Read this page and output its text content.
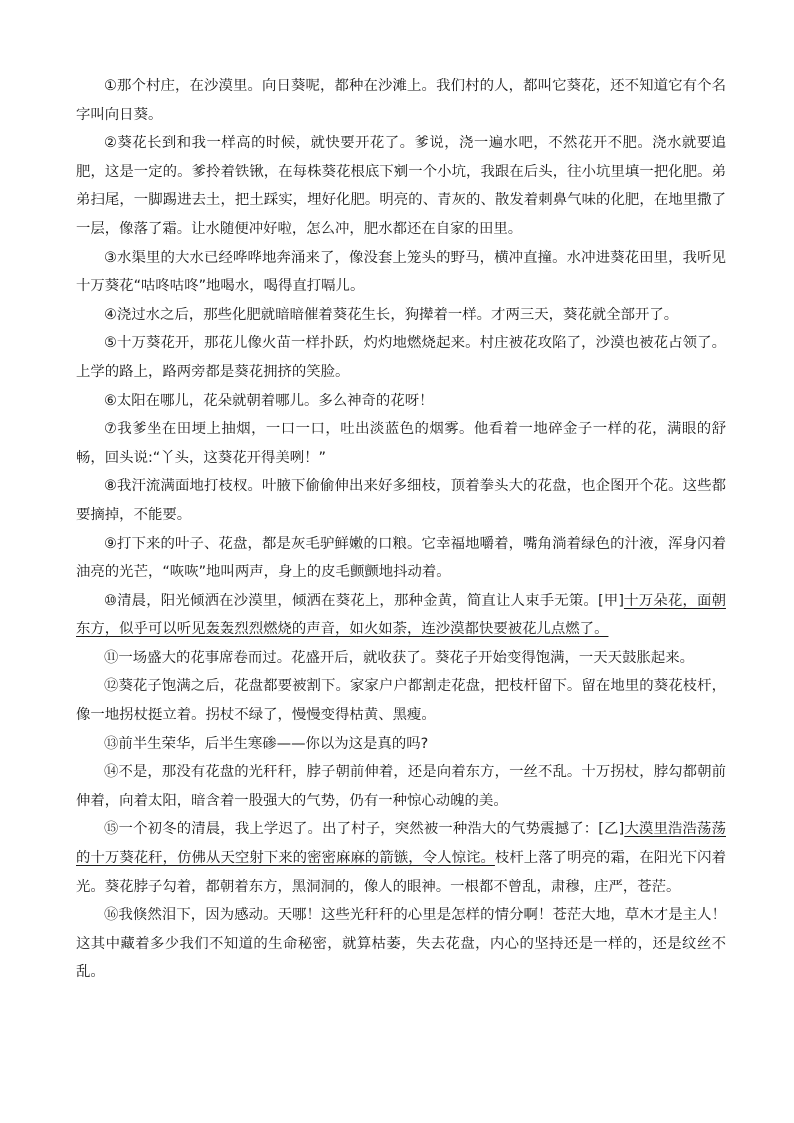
①那个村庄，在沙漠里。向日葵呢，都种在沙滩上。我们村的人，都叫它葵花，还不知道它有个名字叫向日葵。

②葵花长到和我一样高的时候，就快要开花了。爹说，浇一遍水吧，不然花开不肥。浇水就要追肥，这是一定的。爹拎着铁锹，在每株葵花根底下剜一个小坑，我跟在后头，往小坑里填一把化肥。弟弟扫尾，一脚踢进去土，把土踩实，埋好化肥。明亮的、青灰的、散发着刺鼻气味的化肥，在地里撒了一层，像落了霜。让水随便冲好啦，怎么冲，肥水都还在自家的田里。

③水渠里的大水已经哗哗地奔涌来了，像没套上笼头的野马，横冲直撞。水冲进葵花田里，我听见十万葵花“咕咚咕咚”地喝水，喝得直打嗝儿。

④浇过水之后，那些化肥就暗暗催着葵花生长，狗撵着一样。才两三天，葵花就全部开了。

⑤十万葵花开，那花儿像火苗一样扑跃，灼灼地燃烧起来。村庄被花攻陷了，沙漠也被花占领了。上学的路上，路两旁都是葵花拥挤的笑脸。

⑥太阳在哪儿，花朵就朝着哪儿。多么神奇的花呀！

⑦我爹坐在田埂上抽烟，一口一口，吐出淡蓝色的烟雾。他看着一地碎金子一样的花，满眼的舒畅，回头说:“丫头，这葵花开得美咧！”

⑧我汗流满面地打枝杈。叶腋下偷偷伸出来好多细枝，顶着拳头大的花盘，也企图开个花。这些都要摘掉，不能要。

⑨打下来的叶子、花盘，都是灰毛驴鲜嫩的口粮。它幸福地嚼着，嘴角淌着绿色的汁液，浑身闪着油亮的光芒，“咴咴”地叫两声，身上的皮毛颤颤地抖动着。

⑩清晨，阳光倾洒在沙漠里，倾洒在葵花上，那种金黄，简直让人束手无策。[甲]十万朵花，面朝东方，似乎可以听见轰轰烈烈燃烧的声音，如火如荼，连沙漠都快要被花儿点燃了。

⑪一场盛大的花事席卷而过。花盛开后，就收获了。葵花子开始变得饱满，一天天鼓胀起来。

⑫葵花子饱满之后，花盘都要被割下。家家户户都割走花盘，把枝杆留下。留在地里的葵花枝杆，像一地拐杖挺立着。拐杖不绿了，慢慢变得枯黄、黑瘦。

⑬前半生荣华，后半生寒碜——你以为这是真的吗?

⑭不是，那没有花盘的光秆秆，脖子朝前伸着，还是向着东方，一丝不乱。十万拐杖，脖勾都朝前伸着，向着太阳，暗含着一股强大的气势，仍有一种惊心动魄的美。

⑮一个初冬的清晨，我上学迟了。出了村子，突然被一种浩大的气势震撼了：[乙]大漠里浩浩荡荡的十万葵花秆，仿佛从天空射下来的密密麻麻的箭镞，令人惊诧。枝杆上落了明亮的霜，在阳光下闪着光。葵花脖子勾着，都朝着东方，黑洞洞的，像人的眼神。一根都不曾乱，肃穆，庄严，苍茫。

⑯我倏然泪下，因为感动。天哪！这些光秆秆的心里是怎样的情分啊！苍茫大地，草木才是主人！这其中藏着多少我们不知道的生命秘密，就算枯萎，失去花盘，内心的坚持还是一样的，还是纹丝不乱。
